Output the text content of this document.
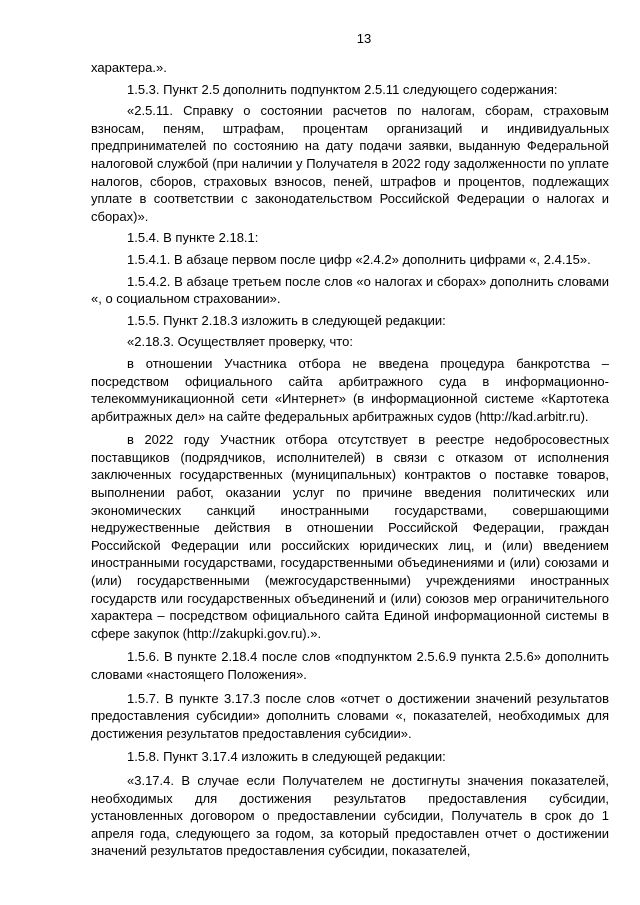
13

характера.».

1.5.3. Пункт 2.5 дополнить подпунктом 2.5.11 следующего содержания:

«2.5.11. Справку о состоянии расчетов по налогам, сборам, страховым взносам, пеням, штрафам, процентам организаций и индивидуальных предпринимателей по состоянию на дату подачи заявки, выданную Федеральной налоговой службой (при наличии у Получателя в 2022 году задолженности по уплате налогов, сборов, страховых взносов, пеней, штрафов и процентов, подлежащих уплате в соответствии с законодательством Российской Федерации о налогах и сборах)».

1.5.4. В пункте 2.18.1:

1.5.4.1. В абзаце первом после цифр «2.4.2» дополнить цифрами «, 2.4.15».

1.5.4.2. В абзаце третьем после слов «о налогах и сборах» дополнить словами «, о социальном страховании».

1.5.5. Пункт 2.18.3 изложить в следующей редакции:

«2.18.3. Осуществляет проверку, что:

в отношении Участника отбора не введена процедура банкротства – посредством официального сайта арбитражного суда в информационно-телекоммуникационной сети «Интернет» (в информационной системе «Картотека арбитражных дел» на сайте федеральных арбитражных судов (http://kad.arbitr.ru).

в 2022 году Участник отбора отсутствует в реестре недобросовестных поставщиков (подрядчиков, исполнителей) в связи с отказом от исполнения заключенных государственных (муниципальных) контрактов о поставке товаров, выполнении работ, оказании услуг по причине введения политических или экономических санкций иностранными государствами, совершающими недружественные действия в отношении Российской Федерации, граждан Российской Федерации или российских юридических лиц, и (или) введением иностранными государствами, государственными объединениями и (или) союзами и (или) государственными (межгосударственными) учреждениями иностранных государств или государственных объединений и (или) союзов мер ограничительного характера – посредством официального сайта Единой информационной системы в сфере закупок (http://zakupki.gov.ru).».

1.5.6. В пункте 2.18.4 после слов «подпунктом 2.5.6.9 пункта 2.5.6» дополнить словами «настоящего Положения».

1.5.7. В пункте 3.17.3 после слов «отчет о достижении значений результатов предоставления субсидии» дополнить словами «, показателей, необходимых для достижения результатов предоставления субсидии».

1.5.8. Пункт 3.17.4 изложить в следующей редакции:

«3.17.4. В случае если Получателем не достигнуты значения показателей, необходимых для достижения результатов предоставления субсидии, установленных договором о предоставлении субсидии, Получатель в срок до 1 апреля года, следующего за годом, за который предоставлен отчет о достижении значений результатов предоставления субсидии, показателей,
